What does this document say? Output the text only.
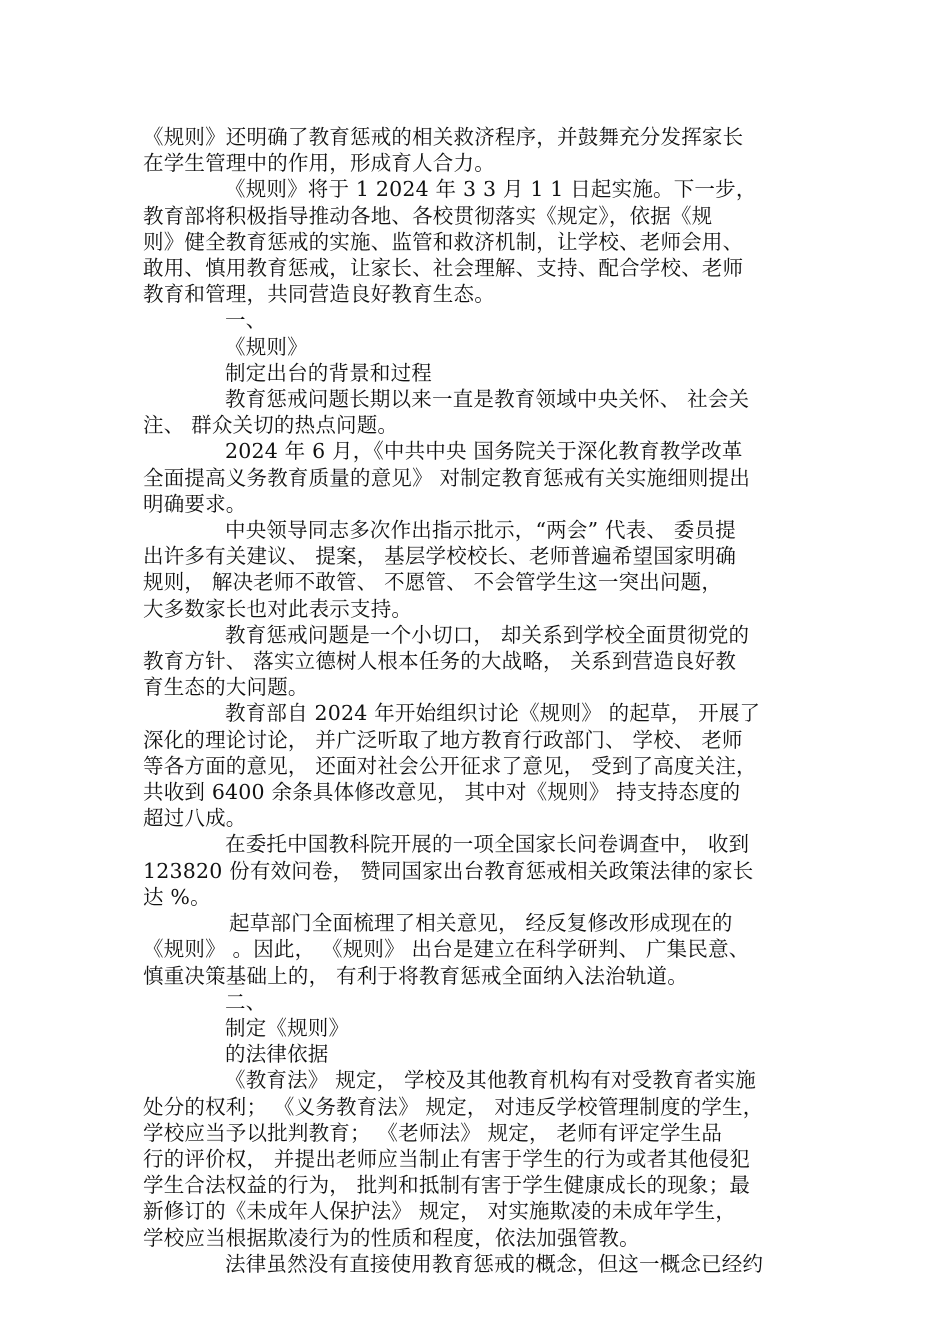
《规则》还明确了教育惩戒的相关救济程序，并鼓舞充分发挥家长

在学生管理中的作用，形成育人合力。

《规则》将于 1 2024 年 3 3 月 1 1 日起实施。下一步，

教育部将积极指导推动各地、各校贯彻落实《规定》，依据《规

则》健全教育惩戒的实施、监管和救济机制，让学校、老师会用、

敢用、慎用教育惩戒，让家长、社会理解、支持、配合学校、老师

教育和管理，共同营造良好教育生态。

一、

《规则》

制定出台的背景和过程

教育惩戒问题长期以来一直是教育领域中央关怀、 社会关

注、 群众关切的热点问题。

2024 年 6 月，《中共中央 国务院关于深化教育教学改革

全面提高义务教育质量的意见》 对制定教育惩戒有关实施细则提出

明确要求。

中央领导同志多次作出指示批示，“两会” 代表、 委员提

出许多有关建议、 提案， 基层学校校长、老师普遍希望国家明确

规则， 解决老师不敢管、 不愿管、 不会管学生这一突出问题，

大多数家长也对此表示支持。

教育惩戒问题是一个小切口， 却关系到学校全面贯彻党的

教育方针、 落实立德树人根本任务的大战略， 关系到营造良好教

育生态的大问题。

教育部自 2024 年开始组织讨论《规则》 的起草， 开展了

深化的理论讨论， 并广泛听取了地方教育行政部门、 学校、 老师

等各方面的意见， 还面对社会公开征求了意见， 受到了高度关注，

共收到 6400 余条具体修改意见， 其中对《规则》 持支持态度的

超过八成。

在委托中国教科院开展的一项全国家长问卷调查中， 收到

123820 份有效问卷， 赞同国家出台教育惩戒相关政策法律的家长

达 %。

起草部门全面梳理了相关意见， 经反复修改形成现在的

《规则》 。因此， 《规则》 出台是建立在科学研判、 广集民意、

慎重决策基础上的， 有利于将教育惩戒全面纳入法治轨道。

二、

制定《规则》

的法律依据

《教育法》 规定， 学校及其他教育机构有对受教育者实施

处分的权利； 《义务教育法》 规定， 对违反学校管理制度的学生，

学校应当予以批判教育； 《老师法》 规定， 老师有评定学生品

行的评价权， 并提出老师应当制止有害于学生的行为或者其他侵犯

学生合法权益的行为， 批判和抵制有害于学生健康成长的现象；最

新修订的《未成年人保护法》 规定， 对实施欺凌的未成年学生，

学校应当根据欺凌行为的性质和程度，依法加强管教。

法律虽然没有直接使用教育惩戒的概念，但这一概念已经约
